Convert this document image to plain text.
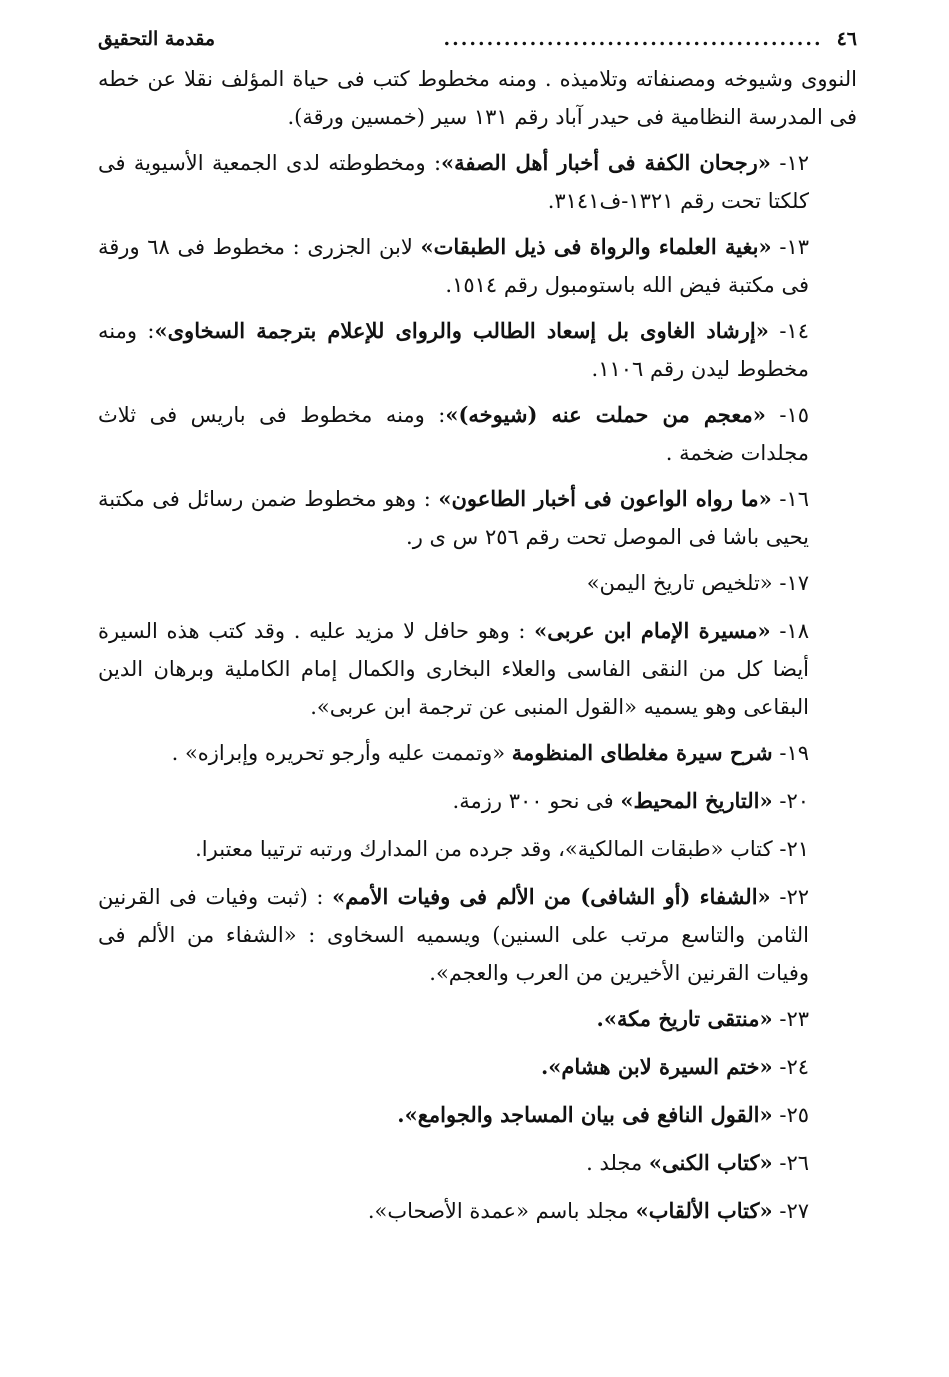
٤٦
............................................
مقدمة التحقيق

النووى وشيوخه ومصنفاته وتلاميذه . ومنه مخطوط كتب فى حياة المؤلف نقلا عن خطه فى المدرسة النظامية فى حيدر آباد رقم ١٣١ سير (خمسين ورقة).

١٢- «رجحان الكفة فى أخبار أهل الصفة»: ومخطوطته لدى الجمعية الأسيوية فى كلكتا تحت رقم ١٣٢١-ف٣١٤١.

١٣- «بغية العلماء والرواة فى ذيل الطبقات» لابن الجزرى : مخطوط فى ٦٨ ورقة فى مكتبة فيض الله باستومبول رقم ١٥١٤.

١٤- «إرشاد الغاوى بل إسعاد الطالب والرواى للإعلام بترجمة السخاوى»: ومنه مخطوط ليدن رقم ١١٠٦.

١٥- «معجم من حملت عنه (شيوخه)»: ومنه مخطوط فى باريس فى ثلاث مجلدات ضخمة .

١٦- «ما رواه الواعون فى أخبار الطاعون» : وهو مخطوط ضمن رسائل فى مكتبة يحيى باشا فى الموصل تحت رقم ٢٥٦ س ى ر.

١٧- «تلخيص تاريخ اليمن»

١٨- «مسيرة الإمام ابن عربى» : وهو حافل لا مزيد عليه . وقد كتب هذه السيرة أيضا كل من النقى الفاسى والعلاء البخارى والكمال إمام الكاملية وبرهان الدين البقاعى وهو يسميه «القول المنبى عن ترجمة ابن عربى».

١٩- شرح سيرة مغلطاى المنظومة «وتممت عليه وأرجو تحريره وإبرازه» .

٢٠- «التاريخ المحيط» فى نحو ٣٠٠ رزمة.

٢١- كتاب «طبقات المالكية»، وقد جرده من المدارك ورتبه ترتيبا معتبرا.

٢٢- «الشفاء (أو الشافى) من الألم فى وفيات الأمم» : (ثبت وفيات فى القرنين الثامن والتاسع مرتب على السنين) ويسميه السخاوى : «الشفاء من الألم فى وفيات القرنين الأخيرين من العرب والعجم».

٢٣- «منتقى تاريخ مكة».

٢٤- «ختم السيرة لابن هشام».

٢٥- «القول النافع فى بيان المساجد والجوامع».

٢٦- «كتاب الكنى» مجلد .

٢٧- «كتاب الألقاب» مجلد باسم «عمدة الأصحاب».
